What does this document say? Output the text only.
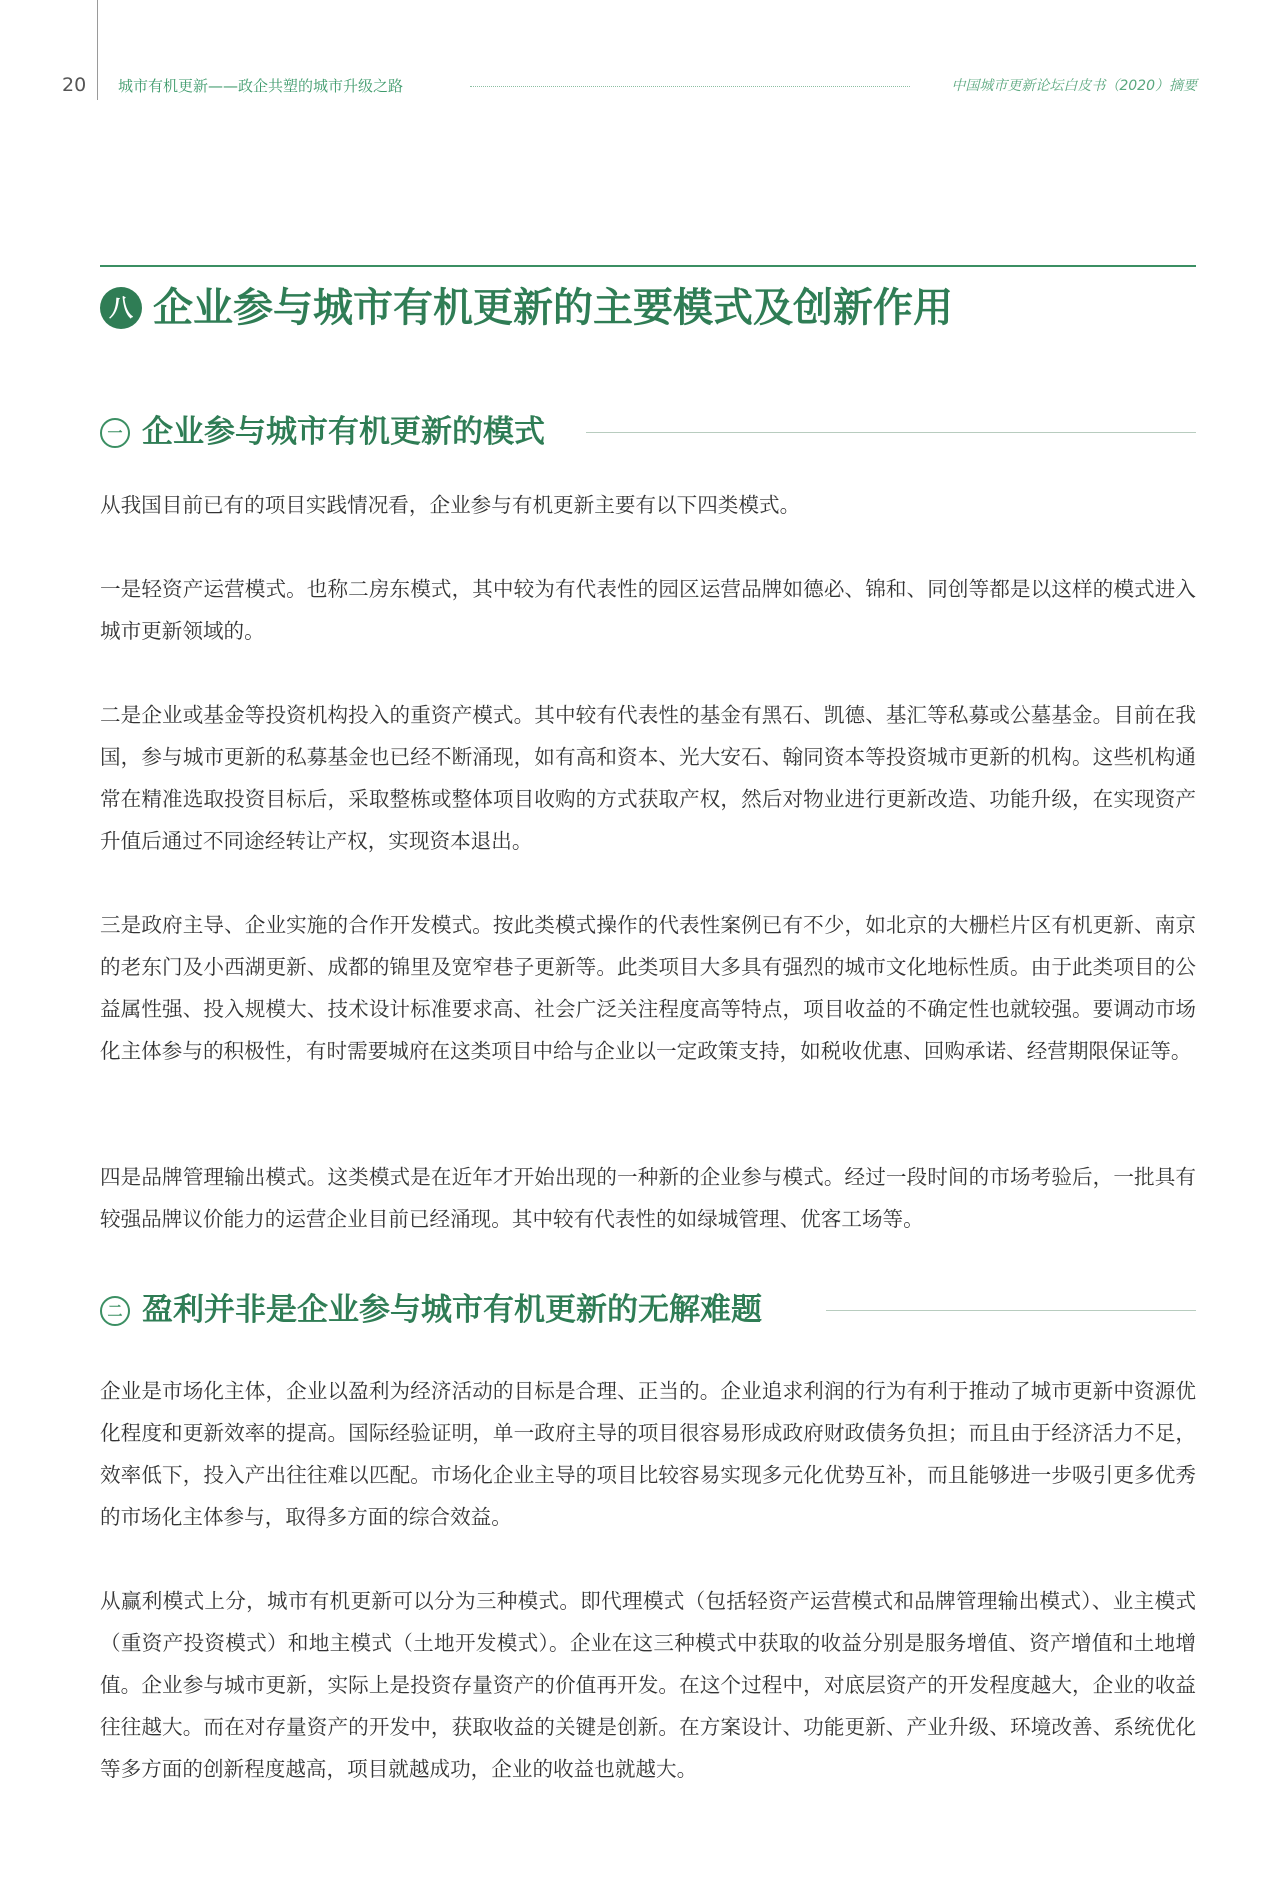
20 城市有机更新——政企共塑的城市升级之路	中国城市更新论坛白皮书（2020）摘要
八 企业参与城市有机更新的主要模式及创新作用
一 企业参与城市有机更新的模式

从我国目前已有的项目实践情况看，企业参与有机更新主要有以下四类模式。

一是轻资产运营模式。也称二房东模式，其中较为有代表性的园区运营品牌如德必、锦和、同创等都是以这样的模式进入城市更新领域的。

二是企业或基金等投资机构投入的重资产模式。其中较有代表性的基金有黑石、凯德、基汇等私募或公墓基金。目前在我国，参与城市更新的私募基金也已经不断涌现，如有高和资本、光大安石、翰同资本等投资城市更新的机构。这些机构通常在精准选取投资目标后，采取整栋或整体项目收购的方式获取产权，然后对物业进行更新改造、功能升级，在实现资产升值后通过不同途经转让产权，实现资本退出。

三是政府主导、企业实施的合作开发模式。按此类模式操作的代表性案例已有不少，如北京的大栅栏片区有机更新、南京的老东门及小西湖更新、成都的锦里及宽窄巷子更新等。此类项目大多具有强烈的城市文化地标性质。由于此类项目的公益属性强、投入规模大、技术设计标准要求高、社会广泛关注程度高等特点，项目收益的不确定性也就较强。要调动市场化主体参与的积极性，有时需要城府在这类项目中给与企业以一定政策支持，如税收优惠、回购承诺、经营期限保证等。

四是品牌管理输出模式。这类模式是在近年才开始出现的一种新的企业参与模式。经过一段时间的市场考验后，一批具有较强品牌议价能力的运营企业目前已经涌现。其中较有代表性的如绿城管理、优客工场等。

二 盈利并非是企业参与城市有机更新的无解难题

企业是市场化主体，企业以盈利为经济活动的目标是合理、正当的。企业追求利润的行为有利于推动了城市更新中资源优化程度和更新效率的提高。国际经验证明，单一政府主导的项目很容易形成政府财政债务负担；而且由于经济活力不足，效率低下，投入产出往往难以匹配。市场化企业主导的项目比较容易实现多元化优势互补，而且能够进一步吸引更多优秀的市场化主体参与，取得多方面的综合效益。

从赢利模式上分，城市有机更新可以分为三种模式。即代理模式（包括轻资产运营模式和品牌管理输出模式）、业主模式（重资产投资模式）和地主模式（土地开发模式）。企业在这三种模式中获取的收益分别是服务增值、资产增值和土地增值。企业参与城市更新，实际上是投资存量资产的价值再开发。在这个过程中，对底层资产的开发程度越大，企业的收益往往越大。而在对存量资产的开发中，获取收益的关键是创新。在方案设计、功能更新、产业升级、环境改善、系统优化等多方面的创新程度越高，项目就越成功，企业的收益也就越大。
